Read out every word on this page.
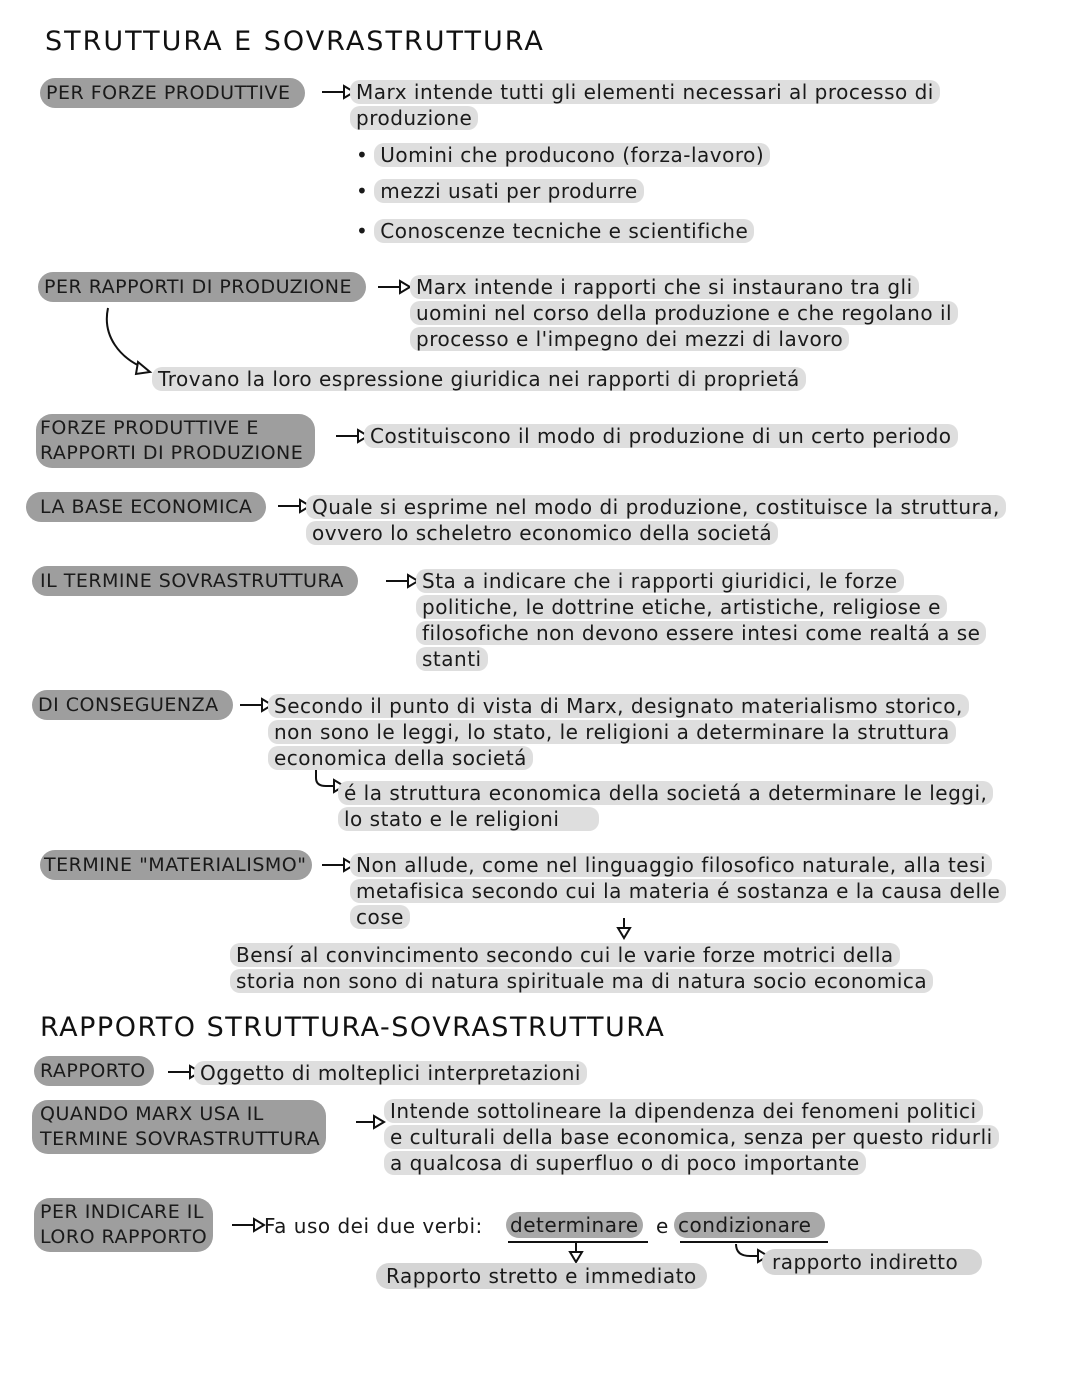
STRUTTURA E SOVRASTRUTTURA
PER FORZE PRODUTTIVE	Marx intende tutti gli elementi necessari al processo di
produzione
• Uomini che producono (forza-lavoro)
• mezzi usati per produrre
• Conoscenze tecniche e scientifiche
PER RAPPORTI DI PRODUZIONE	Marx intende i rapporti che si instaurano tra gli
uomini nel corso della produzione e che regolano il
processo e l'impegno dei mezzi di lavoro
Trovano la loro espressione giuridica nei rapporti di proprietá
FORZE PRODUTTIVE E
RAPPORTI DI PRODUZIONE
Costituiscono il modo di produzione di un certo periodo
LA BASE ECONOMICA	Quale si esprime nel modo di produzione, costituisce la struttura,
ovvero lo scheletro economico della societá
IL TERMINE SOVRASTRUTTURA	Sta a indicare che i rapporti giuridici, le forze
politiche, le dottrine etiche, artistiche, religiose e
filosofiche non devono essere intesi come realtá a se
stanti
DI CONSEGUENZA	Secondo il punto di vista di Marx, designato materialismo storico,
non sono le leggi, lo stato, le religioni a determinare la struttura
economica della societá
é la struttura economica della societá a determinare le leggi,
lo stato e le religioni
TERMINE "MATERIALISMO"	Non allude, come nel linguaggio filosofico naturale, alla tesi
metafisica secondo cui la materia é sostanza e la causa delle
cose
Bensí al convincimento secondo cui le varie forze motrici della
storia non sono di natura spirituale ma di natura socio economica
RAPPORTO STRUTTURA-SOVRASTRUTTURA
RAPPORTO	Oggetto di molteplici interpretazioni
QUANDO MARX USA IL
TERMINE SOVRASTRUTTURA
Intende sottolineare la dipendenza dei fenomeni politici
e culturali della base economica, senza per questo ridurli
a qualcosa di superfluo o di poco importante
PER INDICARE IL
LORO RAPPORTO	Fa uso dei due verbi: determinare e condizionare
Rapporto stretto e immediato
rapporto indiretto
